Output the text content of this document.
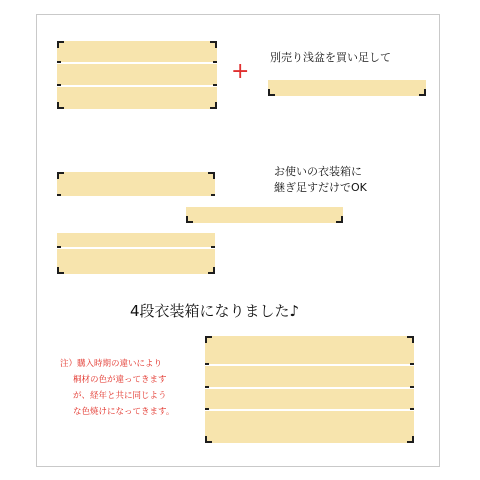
+
別売り浅盆を買い足して
お使いの衣装箱に
継ぎ足すだけでOK
4段衣装箱になりました♪
注）購入時期の違いにより
桐材の色が違ってきます
が、経年と共に同じよう
な色焼けになってきます。
